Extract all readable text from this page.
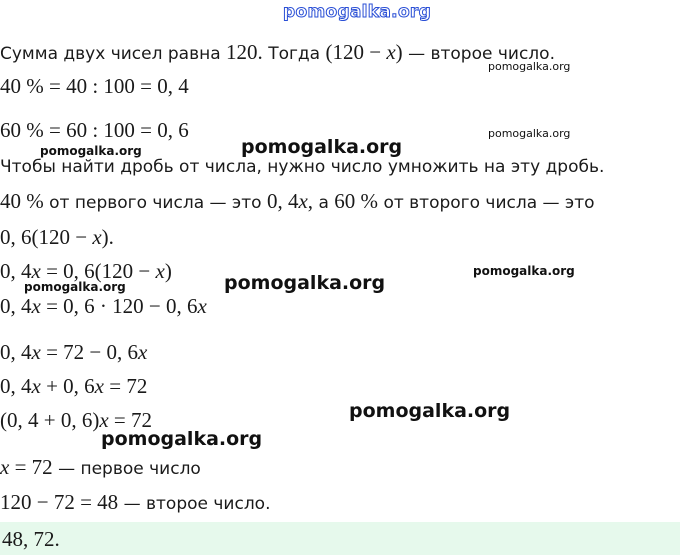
pomogalka.org
Сумма двух чисел равна 120. Тогда (120 − x) — второе число.
40 % = 40 : 100 = 0, 4
60 % = 60 : 100 = 0, 6
Чтобы найти дробь от числа, нужно число умножить на эту дробь.
40 % от первого числа — это 0, 4x, а 60 % от второго числа — это
0, 6(120 − x).
0, 4x = 0, 6(120 − x)
0, 4x = 0, 6 · 120 − 0, 6x
0, 4x = 72 − 0, 6x
0, 4x + 0, 6x = 72
(0, 4 + 0, 6)x = 72
x = 72 — первое число
120 − 72 = 48 — второе число.
48, 72.
pomogalka.org
pomogalka.org
pomogalka.org	pomogalka.org
pomogalka.org
pomogalka.org
pomogalka.org
pomogalka.org
pomogalka.org
